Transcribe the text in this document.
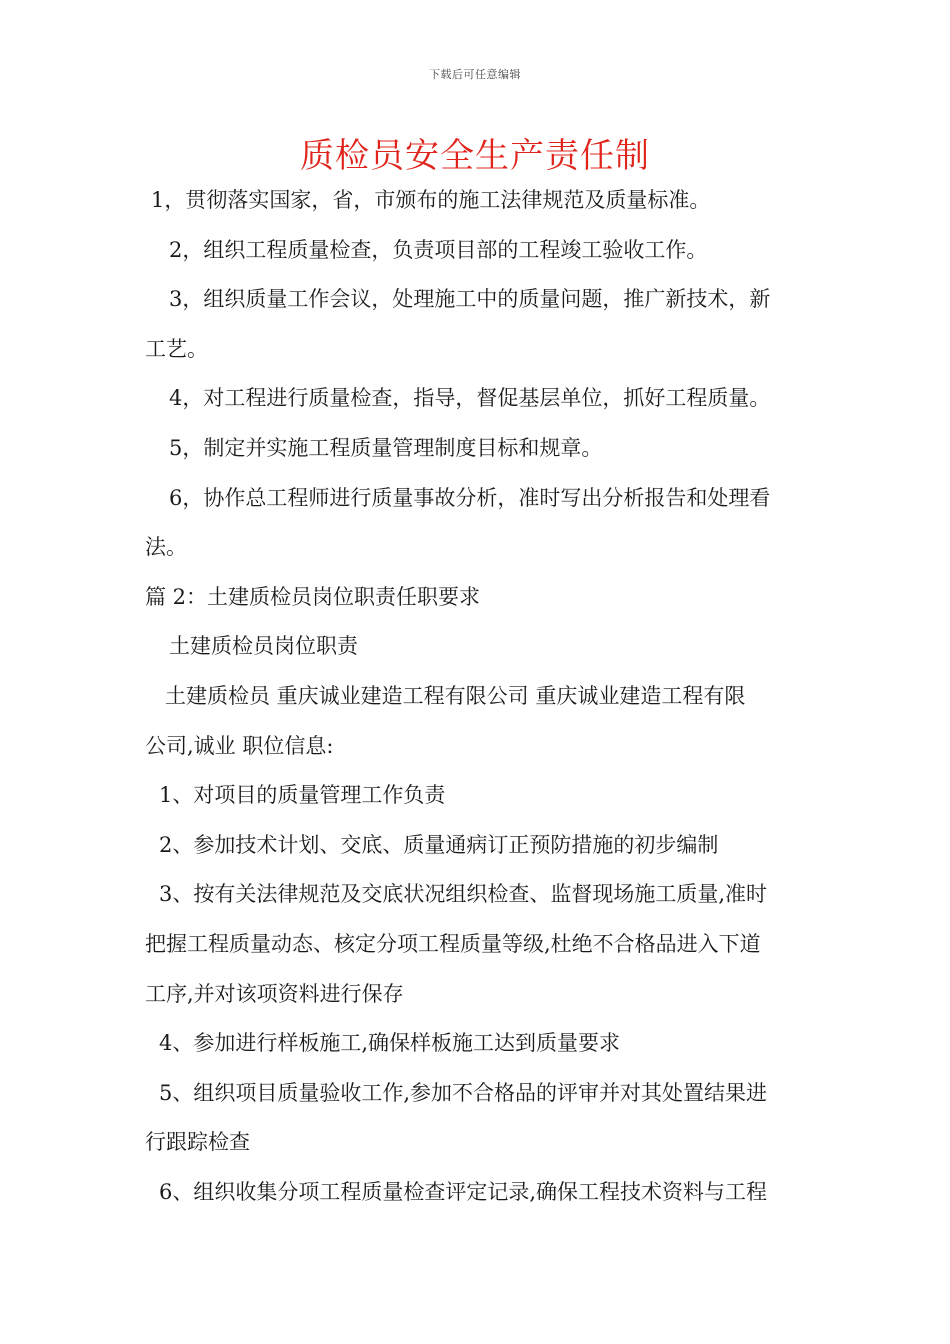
下载后可任意编辑
质检员安全生产责任制

1，贯彻落实国家，省，市颁布的施工法律规范及质量标准。

2，组织工程质量检查，负责项目部的工程竣工验收工作。

3，组织质量工作会议，处理施工中的质量问题，推广新技术，新

工艺。

4，对工程进行质量检查，指导，督促基层单位，抓好工程质量。

5，制定并实施工程质量管理制度目标和规章。

6，协作总工程师进行质量事故分析，准时写出分析报告和处理看

法。

篇 2：土建质检员岗位职责任职要求

土建质检员岗位职责

土建质检员 重庆诚业建造工程有限公司 重庆诚业建造工程有限

公司,诚业 职位信息:

1、对项目的质量管理工作负责

2、参加技术计划、交底、质量通病订正预防措施的初步编制

3、按有关法律规范及交底状况组织检查、监督现场施工质量,准时

把握工程质量动态、核定分项工程质量等级,杜绝不合格品进入下道

工序,并对该项资料进行保存

4、参加进行样板施工,确保样板施工达到质量要求

5、组织项目质量验收工作,参加不合格品的评审并对其处置结果进

行跟踪检查

6、组织收集分项工程质量检查评定记录,确保工程技术资料与工程
